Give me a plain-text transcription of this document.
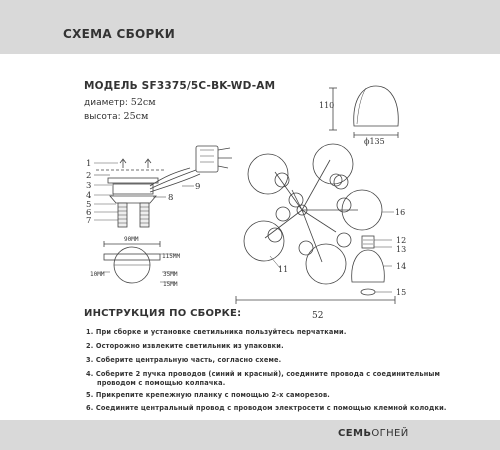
СХЕМА СБОРКИ
МОДЕЛЬ SF3375/5C-BK-WD-AM
диаметр: 52см
высота: 25см
1
2
3
4
5
6
7
8
9
90MM
115MM
10MM	35MM
15MM
110
ϕ135
16
11
52
12
13
14
15
ИНСТРУКЦИЯ ПО СБОРКЕ:
1. При сборке и установке светильника пользуйтесь перчатками.
2. Осторожно извлеките светильник из упаковки.
3. Соберите центральную часть, согласно схеме.
4. Соберите 2 пучка проводов (синий и красный), соедините провода с соединительным
проводом с помощью колпачка.
5. Прикрепите крепежную планку с помощью 2-х саморезов.
6. Соедините центральный провод с проводом электросети с помощью клемной колодки.
СЕМЬОГНЕЙ
